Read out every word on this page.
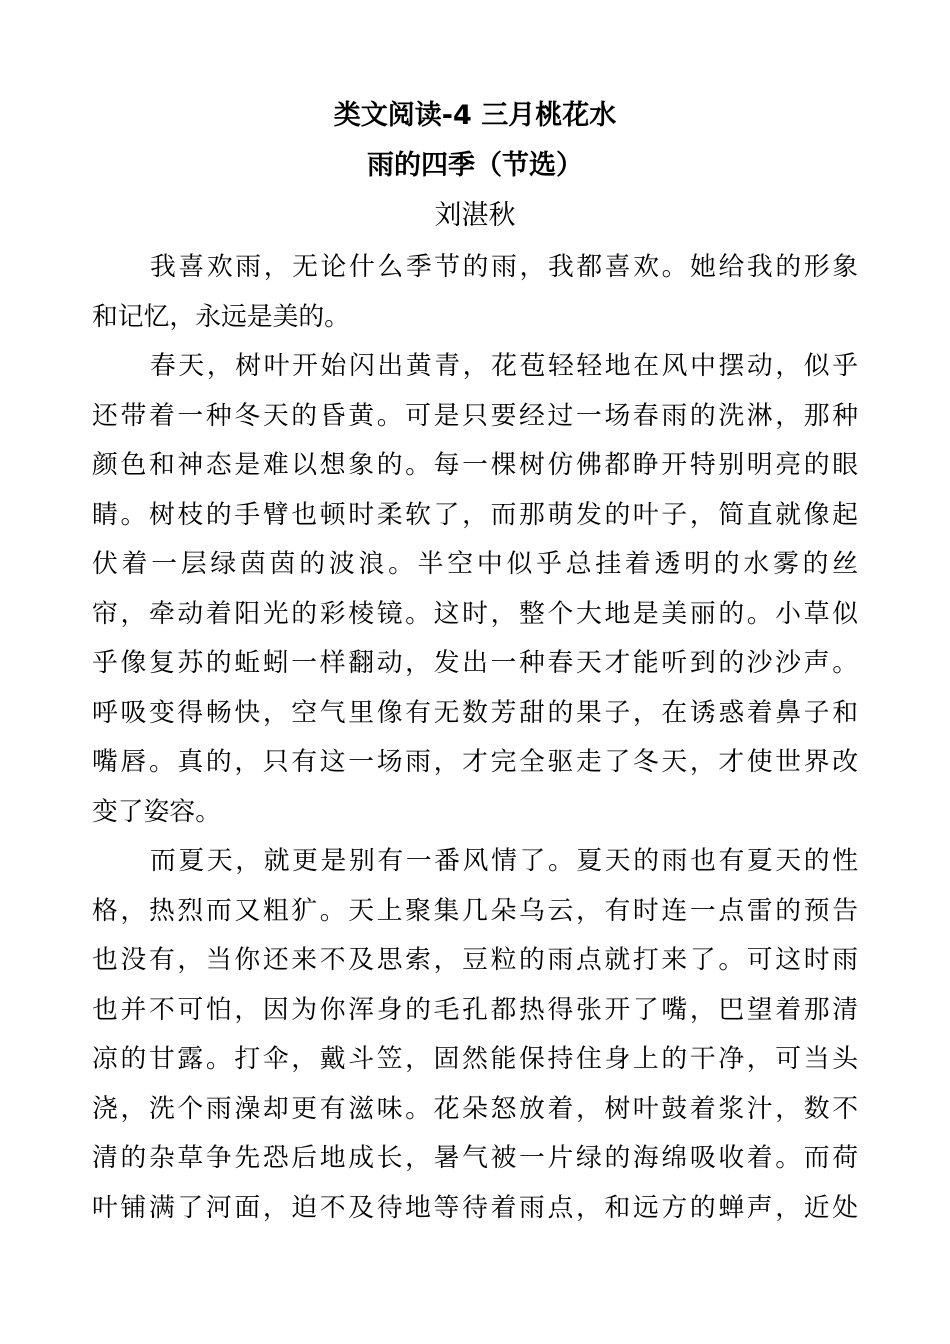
类文阅读-4 三月桃花水
雨的四季（节选）
刘湛秋
我喜欢雨，无论什么季节的雨，我都喜欢。她给我的形象
和记忆，永远是美的。
春天，树叶开始闪出黄青，花苞轻轻地在风中摆动，似乎
还带着一种冬天的昏黄。可是只要经过一场春雨的洗淋，那种
颜色和神态是难以想象的。每一棵树仿佛都睁开特别明亮的眼
睛。树枝的手臂也顿时柔软了，而那萌发的叶子，简直就像起
伏着一层绿茵茵的波浪。半空中似乎总挂着透明的水雾的丝
帘，牵动着阳光的彩棱镜。这时，整个大地是美丽的。小草似
乎像复苏的蚯蚓一样翻动，发出一种春天才能听到的沙沙声。
呼吸变得畅快，空气里像有无数芳甜的果子，在诱惑着鼻子和
嘴唇。真的，只有这一场雨，才完全驱走了冬天，才使世界改
变了姿容。
而夏天，就更是别有一番风情了。夏天的雨也有夏天的性
格，热烈而又粗犷。天上聚集几朵乌云，有时连一点雷的预告
也没有，当你还来不及思索，豆粒的雨点就打来了。可这时雨
也并不可怕，因为你浑身的毛孔都热得张开了嘴，巴望着那清
凉的甘露。打伞，戴斗笠，固然能保持住身上的干净，可当头
浇，洗个雨澡却更有滋味。花朵怒放着，树叶鼓着浆汁，数不
清的杂草争先恐后地成长，暑气被一片绿的海绵吸收着。而荷
叶铺满了河面，迫不及待地等待着雨点，和远方的蝉声，近处
